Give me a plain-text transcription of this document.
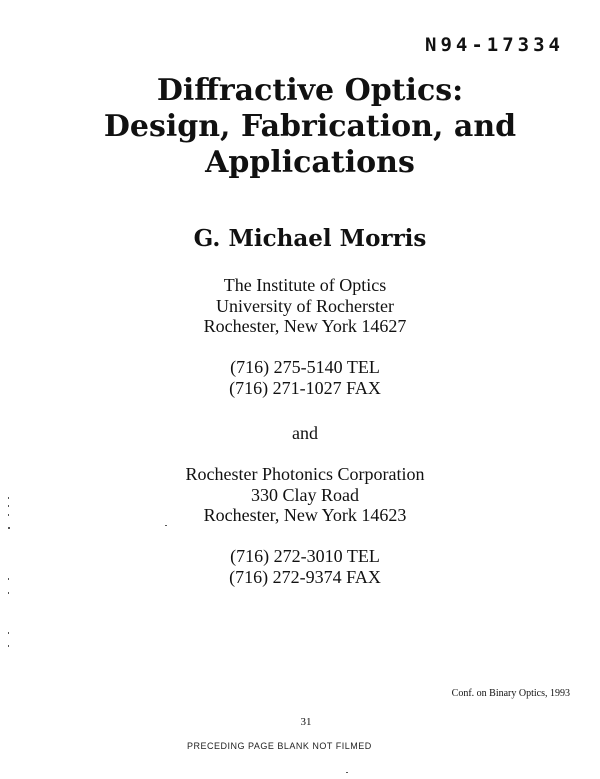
N94-17334
Diffractive Optics:
Design, Fabrication, and
Applications
G. Michael Morris
The Institute of Optics
University of Rocherster
Rochester, New York 14627
(716) 275-5140 TEL
(716) 271-1027 FAX
and
Rochester Photonics Corporation
330 Clay Road
Rochester, New York 14623
(716) 272-3010 TEL
(716) 272-9374 FAX
Conf. on Binary Optics, 1993
31
PRECEDING PAGE BLANK NOT FILMED
